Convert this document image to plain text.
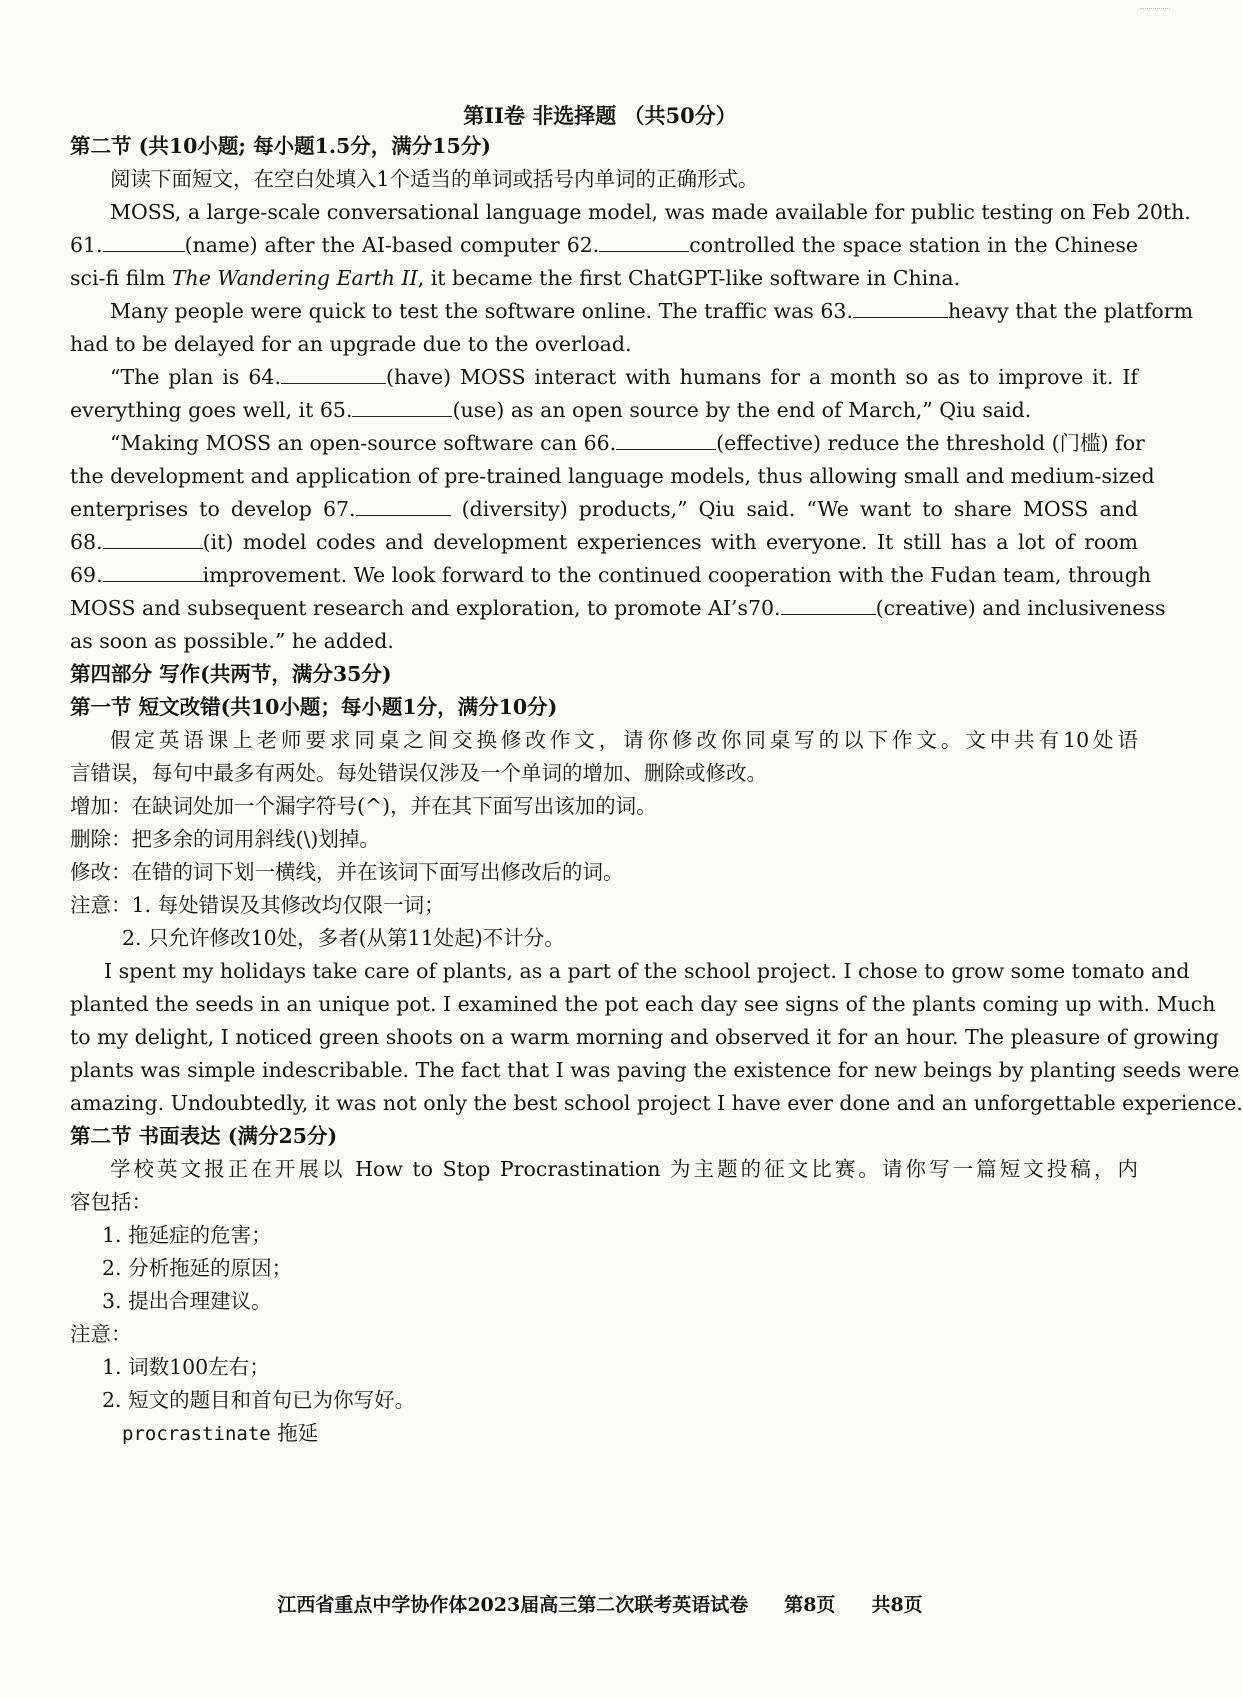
第II卷 非选择题 （共50分）
第二节 (共10小题; 每小题1.5分，满分15分)
阅读下面短文，在空白处填入1个适当的单词或括号内单词的正确形式。
MOSS, a large-scale conversational language model, was made available for public testing on Feb 20th.
61.	(name) after the AI-based computer 62.	controlled the space station in the Chinese
sci-fi film The Wandering Earth II, it became the first ChatGPT-like software in China.
Many people were quick to test the software online. The traffic was 63.	heavy that the platform
had to be delayed for an upgrade due to the overload.
“The plan is 64.	(have) MOSS interact with humans for a month so as to improve it. If
everything goes well, it 65.	(use) as an open source by the end of March,” Qiu said.
“Making MOSS an open-source software can 66.	(effective) reduce the threshold (门槛) for
the development and application of pre-trained language models, thus allowing small and medium-sized
enterprises to develop 67.	(diversity) products,” Qiu said. “We want to share MOSS and
68.	(it) model codes and development experiences with everyone. It still has a lot of room
69.	improvement. We look forward to the continued cooperation with the Fudan team, through
MOSS and subsequent research and exploration, to promote AI’s70.	(creative) and inclusiveness
as soon as possible.” he added.
第四部分 写作(共两节，满分35分)
第一节 短文改错(共10小题；每小题1分，满分10分)
假定英语课上老师要求同桌之间交换修改作文，请你修改你同桌写的以下作文。文中共有10处语
言错误，每句中最多有两处。每处错误仅涉及一个单词的增加、删除或修改。
增加：在缺词处加一个漏字符号(^)，并在其下面写出该加的词。
删除：把多余的词用斜线(\)划掉。
修改：在错的词下划一横线，并在该词下面写出修改后的词。
注意：1. 每处错误及其修改均仅限一词；
2. 只允许修改10处，多者(从第11处起)不计分。
I spent my holidays take care of plants, as a part of the school project. I chose to grow some tomato and
planted the seeds in an unique pot. I examined the pot each day see signs of the plants coming up with. Much
to my delight, I noticed green shoots on a warm morning and observed it for an hour. The pleasure of growing
plants was simple indescribable. The fact that I was paving the existence for new beings by planting seeds were
amazing. Undoubtedly, it was not only the best school project I have ever done and an unforgettable experience.
第二节 书面表达 (满分25分)
学校英文报正在开展以 How to Stop Procrastination 为主题的征文比赛。请你写一篇短文投稿，内
容包括：
1. 拖延症的危害；
2. 分析拖延的原因；
3. 提出合理建议。
注意：
1. 词数100左右；
2. 短文的题目和首句已为你写好。
procrastinate 拖延
江西省重点中学协作体2023届高三第二次联考英语试卷 第8页 共8页
